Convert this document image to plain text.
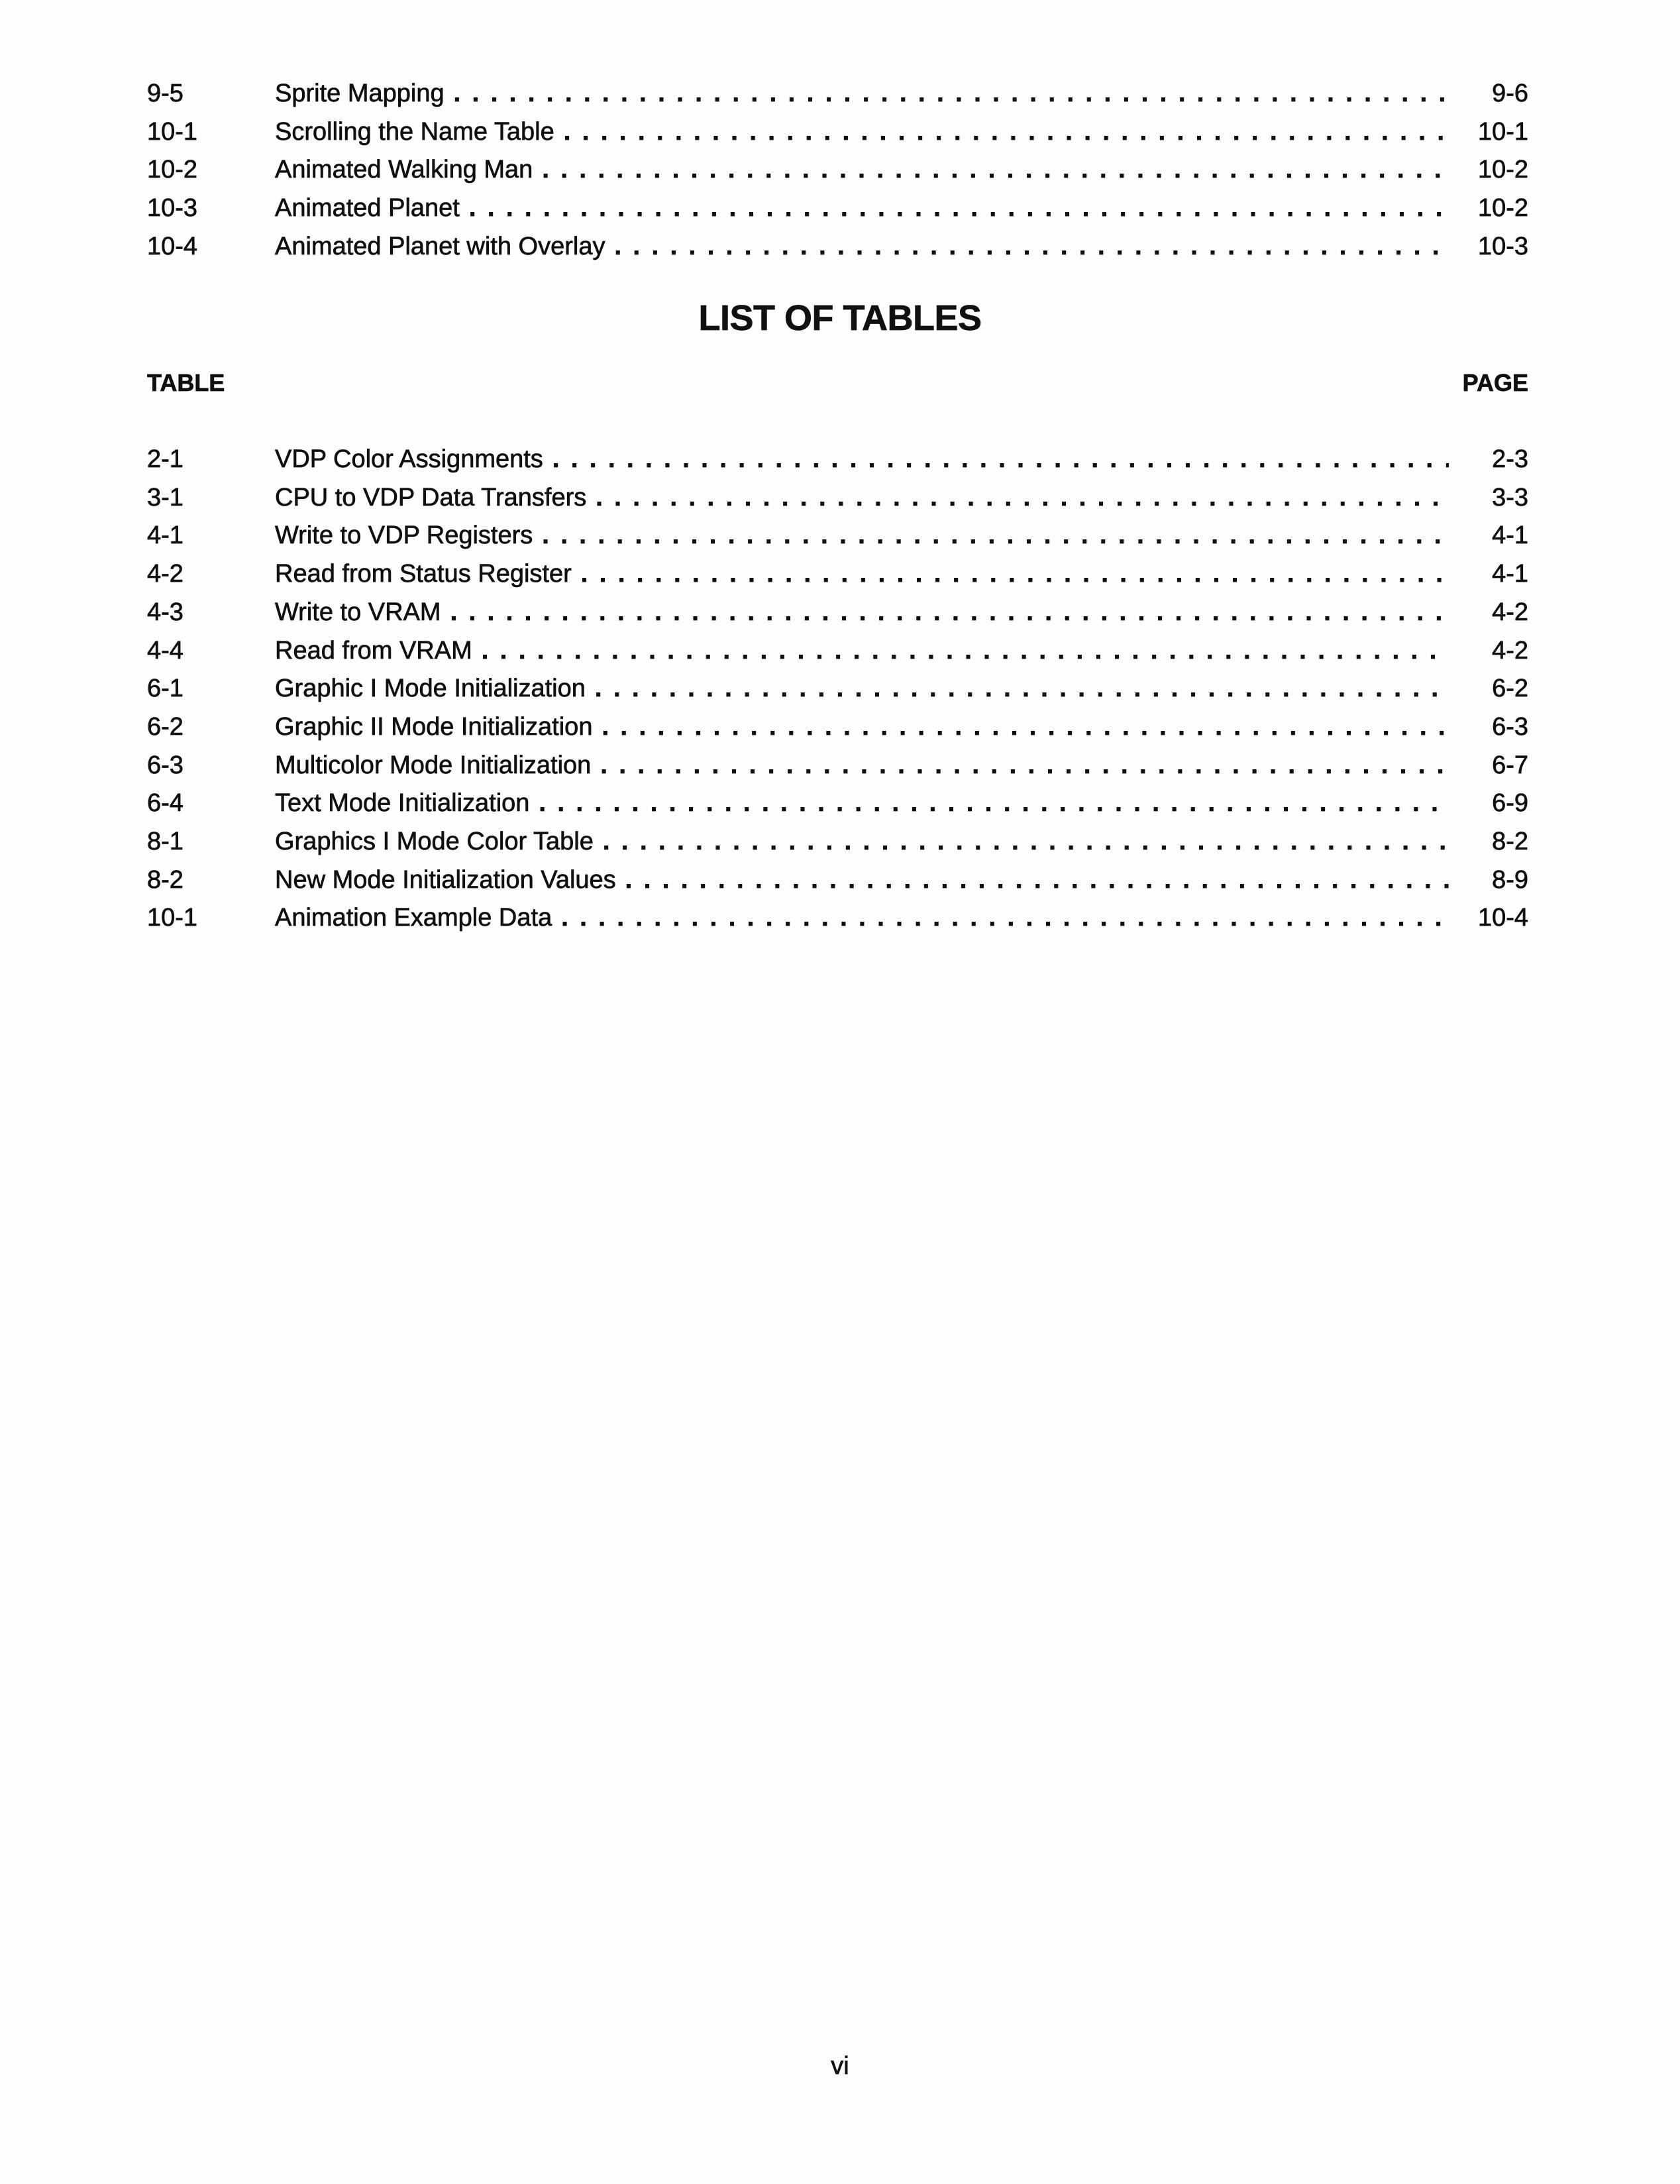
9-5	Sprite Mapping .....	9-6
10-1	Scrolling the Name Table .....	10-1
10-2	Animated Walking Man .....	10-2
10-3	Animated Planet .....	10-2
10-4	Animated Planet with Overlay .....	10-3
LIST OF TABLES
TABLE	PAGE
2-1	VDP Color Assignments .....	2-3
3-1	CPU to VDP Data Transfers .....	3-3
4-1	Write to VDP Registers .....	4-1
4-2	Read from Status Register .....	4-1
4-3	Write to VRAM .....	4-2
4-4	Read from VRAM .....	4-2
6-1	Graphic I Mode Initialization .....	6-2
6-2	Graphic II Mode Initialization .....	6-3
6-3	Multicolor Mode Initialization .....	6-7
6-4	Text Mode Initialization .....	6-9
8-1	Graphics I Mode Color Table .....	8-2
8-2	New Mode Initialization Values .....	8-9
10-1	Animation Example Data .....	10-4
vi
